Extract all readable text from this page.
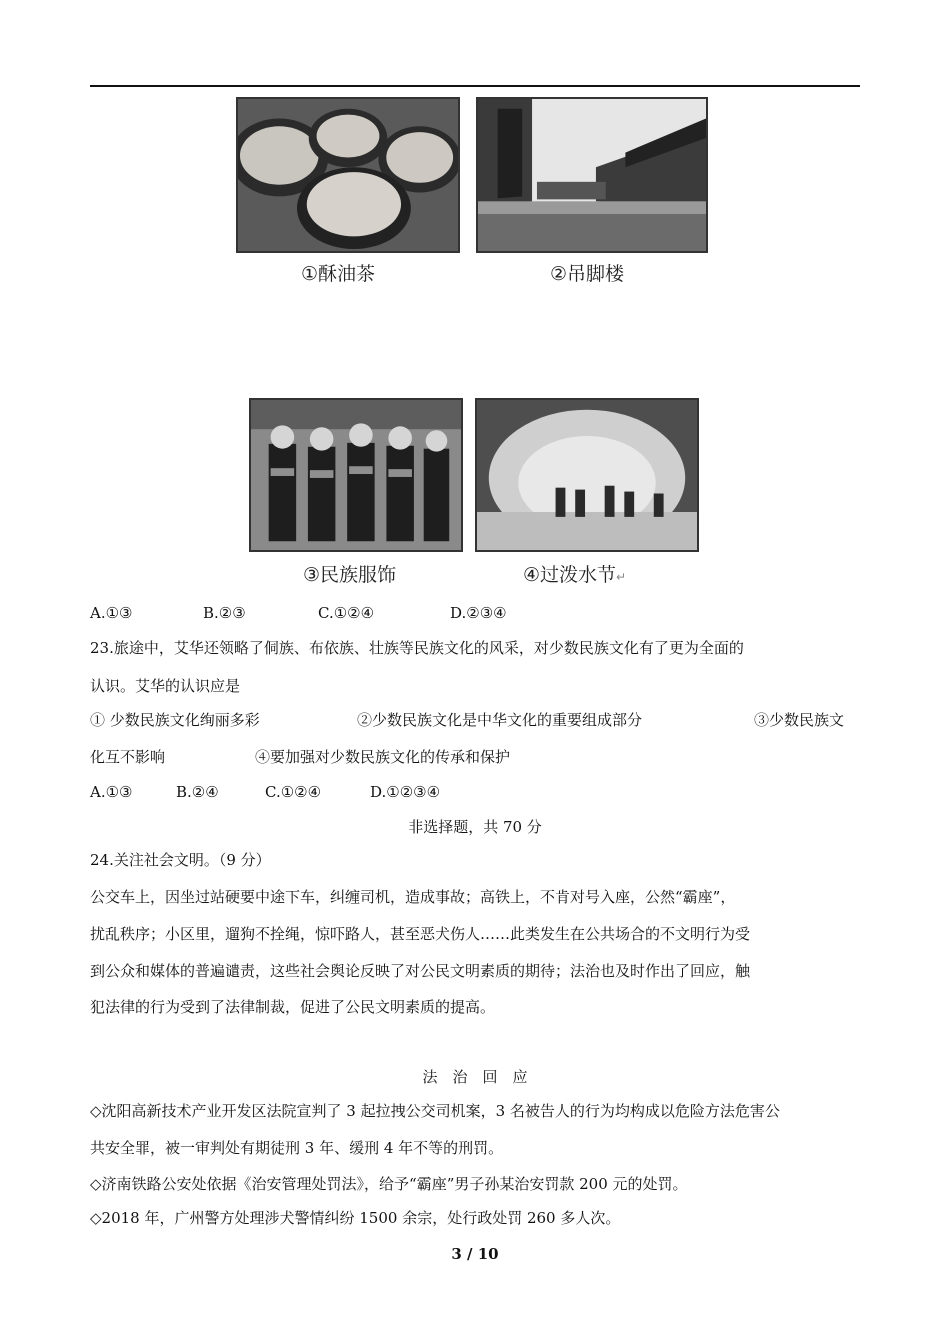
①酥油茶	②吊脚楼
③民族服饰	④过泼水节↵
A.①③	B.②③	C.①②④	D.②③④
23.旅途中，艾华还领略了侗族、布依族、壮族等民族文化的风采，对少数民族文化有了更为全面的
认识。艾华的认识应是
① 少数民族文化绚丽多彩	②少数民族文化是中华文化的重要组成部分	③少数民族文
化互不影响	④要加强对少数民族文化的传承和保护
A.①③	B.②④	C.①②④	D.①②③④
非选择题，共 70 分
24.关注社会文明。（9 分）
公交车上，因坐过站硬要中途下车，纠缠司机，造成事故；高铁上，不肯对号入座，公然“霸座”，
扰乱秩序；小区里，遛狗不拴绳，惊吓路人，甚至恶犬伤人……此类发生在公共场合的不文明行为受
到公众和媒体的普遍谴责，这些社会舆论反映了对公民文明素质的期待；法治也及时作出了回应，触
犯法律的行为受到了法律制裁，促进了公民文明素质的提高。
法　治　回　应
◇沈阳高新技术产业开发区法院宣判了 3 起拉拽公交司机案，3 名被告人的行为均构成以危险方法危害公
共安全罪，被一审判处有期徒刑 3 年、缓刑 4 年不等的刑罚。
◇济南铁路公安处依据《治安管理处罚法》，给予“霸座”男子孙某治安罚款 200 元的处罚。
◇2018 年，广州警方处理涉犬警情纠纷 1500 余宗，处行政处罚 260 多人次。
3 / 10
